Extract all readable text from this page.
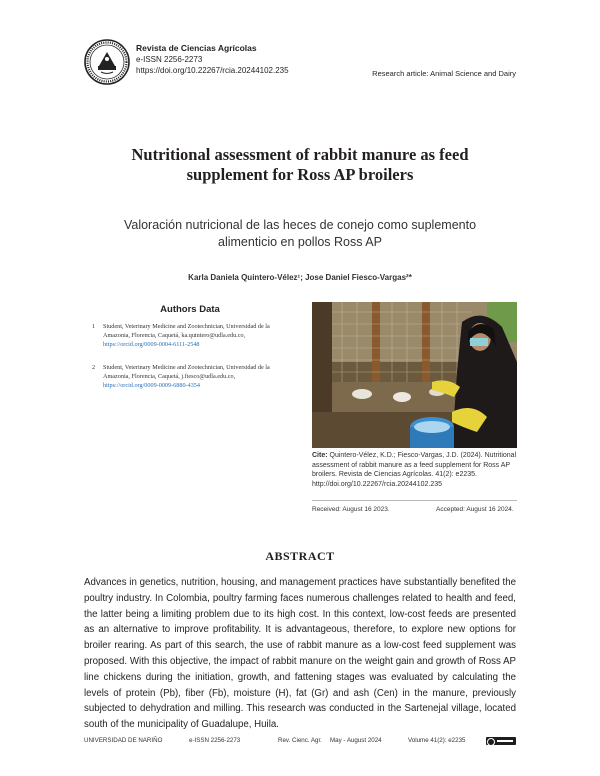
Revista de Ciencias Agrícolas
e-ISSN 2256-2273
https://doi.org/10.22267/rcia.20244102.235	Research article: Animal Science and Dairy
Nutritional assessment of rabbit manure as feed supplement for Ross AP broilers
Valoración nutricional de las heces de conejo como suplemento alimenticio en pollos Ross AP
Karla Daniela Quintero-Vélez¹; Jose Daniel Fiesco-Vargas²*
Authors Data
1 Student, Veterinary Medicine and Zootechnician, Universidad de la Amazonia, Florencia, Caquetá, ka.quintero@udla.edu.co,
https://orcid.org/0009-0004-6111-2548
2 Student, Veterinary Medicine and Zootechnician, Universidad de la Amazonia, Florencia, Caquetá, j.fiesco@udla.edu.co,
https://orcid.org/0009-0009-6880-4354
Cite: Quintero-Vélez, K.D.; Fiesco-Vargas, J.D. (2024). Nutritional assessment of rabbit manure as a feed supplement for Ross AP broilers. Revista de Ciencias Agrícolas. 41(2): e2235. http://doi.org/10.22267/rcia.20244102.235
Received: August 16 2023.	Accepted: August 16 2024.
ABSTRACT

Advances in genetics, nutrition, housing, and management practices have substantially benefited the poultry industry. In Colombia, poultry farming faces numerous challenges related to health and feed, the latter being a limiting problem due to its high cost. In this context, low-cost feeds are presented as an alternative to improve profitability. It is advantageous, therefore, to explore new options for broiler rearing. As part of this search, the use of rabbit manure as a low-cost feed supplement was proposed. With this objective, the impact of rabbit manure on the weight gain and growth of Ross AP line chickens during the initiation, growth, and fattening stages was evaluated by calculating the levels of protein (Pb), fiber (Fb), moisture (H), fat (Gr) and ash (Cen) in the manure, previously subjected to dehydration and milling. This research was conducted in the Sartenejal village, located south of the municipality of Guadalupe, Huila.

UNIVERSIDAD DE NARIÑO	e-ISSN 2256-2273	Rev. Cienc. Agr. May - August 2024	Volume 41(2): e2235
